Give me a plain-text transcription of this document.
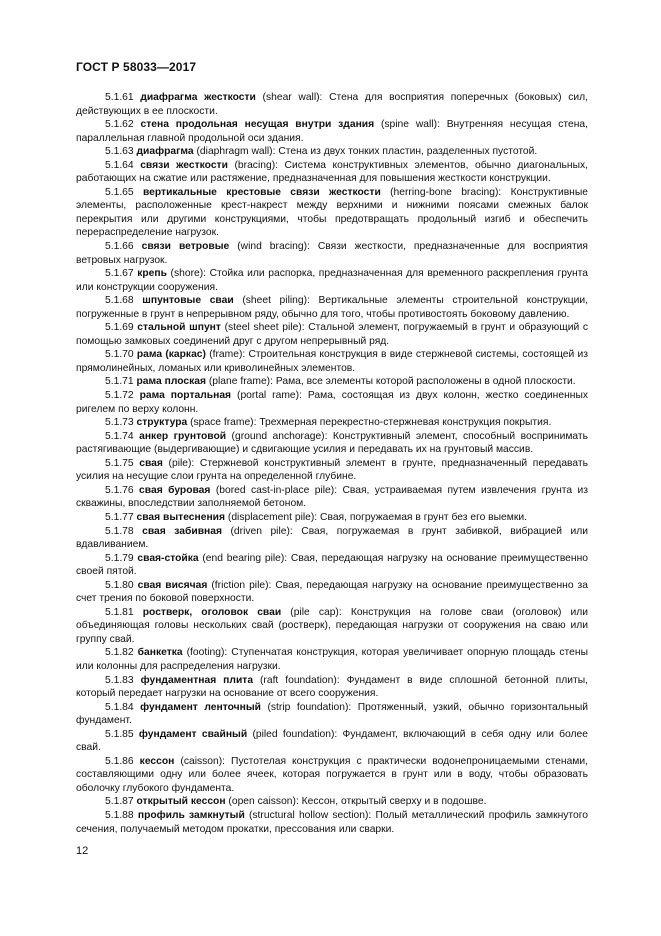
ГОСТ Р 58033—2017

5.1.61 диафрагма жесткости (shear wall): Стена для восприятия поперечных (боковых) сил, действующих в ее плоскости.

5.1.62 стена продольная несущая внутри здания (spine wall): Внутренняя несущая стена, параллельная главной продольной оси здания.

5.1.63 диафрагма (diaphragm wall): Стена из двух тонких пластин, разделенных пустотой.

5.1.64 связи жесткости (bracing): Система конструктивных элементов, обычно диагональных, работающих на сжатие или растяжение, предназначенная для повышения жесткости конструкции.

5.1.65 вертикальные крестовые связи жесткости (herring-bone bracing): Конструктивные элементы, расположенные крест-накрест между верхними и нижними поясами смежных балок перекрытия или другими конструкциями, чтобы предотвращать продольный изгиб и обеспечить перераспределение нагрузок.

5.1.66 связи ветровые (wind bracing): Связи жесткости, предназначенные для восприятия ветровых нагрузок.

5.1.67 крепь (shore): Стойка или распорка, предназначенная для временного раскрепления грунта или конструкции сооружения.

5.1.68 шпунтовые сваи (sheet piling): Вертикальные элементы строительной конструкции, погруженные в грунт в непрерывном ряду, обычно для того, чтобы противостоять боковому давлению.

5.1.69 стальной шпунт (steel sheet pile): Стальной элемент, погружаемый в грунт и образующий с помощью замковых соединений друг с другом непрерывный ряд.

5.1.70 рама (каркас) (frame): Строительная конструкция в виде стержневой системы, состоящей из прямолинейных, ломаных или криволинейных элементов.

5.1.71 рама плоская (plane frame): Рама, все элементы которой расположены в одной плоскости.

5.1.72 рама портальная (portal rame): Рама, состоящая из двух колонн, жестко соединенных ригелем по верху колонн.

5.1.73 структура (space frame): Трехмерная перекрестно-стержневая конструкция покрытия.

5.1.74 анкер грунтовой (ground anchorage): Конструктивный элемент, способный воспринимать растягивающие (выдергивающие) и сдвигающие усилия и передавать их на грунтовый массив.

5.1.75 свая (pile): Стержневой конструктивный элемент в грунте, предназначенный передавать усилия на несущие слои грунта на определенной глубине.

5.1.76 свая буровая (bored cast-in-place pile): Свая, устраиваемая путем извлечения грунта из скважины, впоследствии заполняемой бетоном.

5.1.77 свая вытеснения (displacement pile): Свая, погружаемая в грунт без его выемки.

5.1.78 свая забивная (driven pile): Свая, погружаемая в грунт забивкой, вибрацией или вдавливанием.

5.1.79 свая-стойка (end bearing pile): Свая, передающая нагрузку на основание преимущественно своей пятой.

5.1.80 свая висячая (friction pile): Свая, передающая нагрузку на основание преимущественно за счет трения по боковой поверхности.

5.1.81 ростверк, оголовок сваи (pile cap): Конструкция на голове сваи (оголовок) или объединяющая головы нескольких свай (ростверк), передающая нагрузки от сооружения на сваю или группу свай.

5.1.82 банкетка (footing): Ступенчатая конструкция, которая увеличивает опорную площадь стены или колонны для распределения нагрузки.

5.1.83 фундаментная плита (raft foundation): Фундамент в виде сплошной бетонной плиты, который передает нагрузки на основание от всего сооружения.

5.1.84 фундамент ленточный (strip foundation): Протяженный, узкий, обычно горизонтальный фундамент.

5.1.85 фундамент свайный (piled foundation): Фундамент, включающий в себя одну или более свай.

5.1.86 кессон (caisson): Пустотелая конструкция с практически водонепроницаемыми стенами, составляющими одну или более ячеек, которая погружается в грунт или в воду, чтобы образовать оболочку глубокого фундамента.

5.1.87 открытый кессон (open caisson): Кессон, открытый сверху и в подошве.

5.1.88 профиль замкнутый (structural hollow section): Полый металлический профиль замкнутого сечения, получаемый методом прокатки, прессования или сварки.

12
